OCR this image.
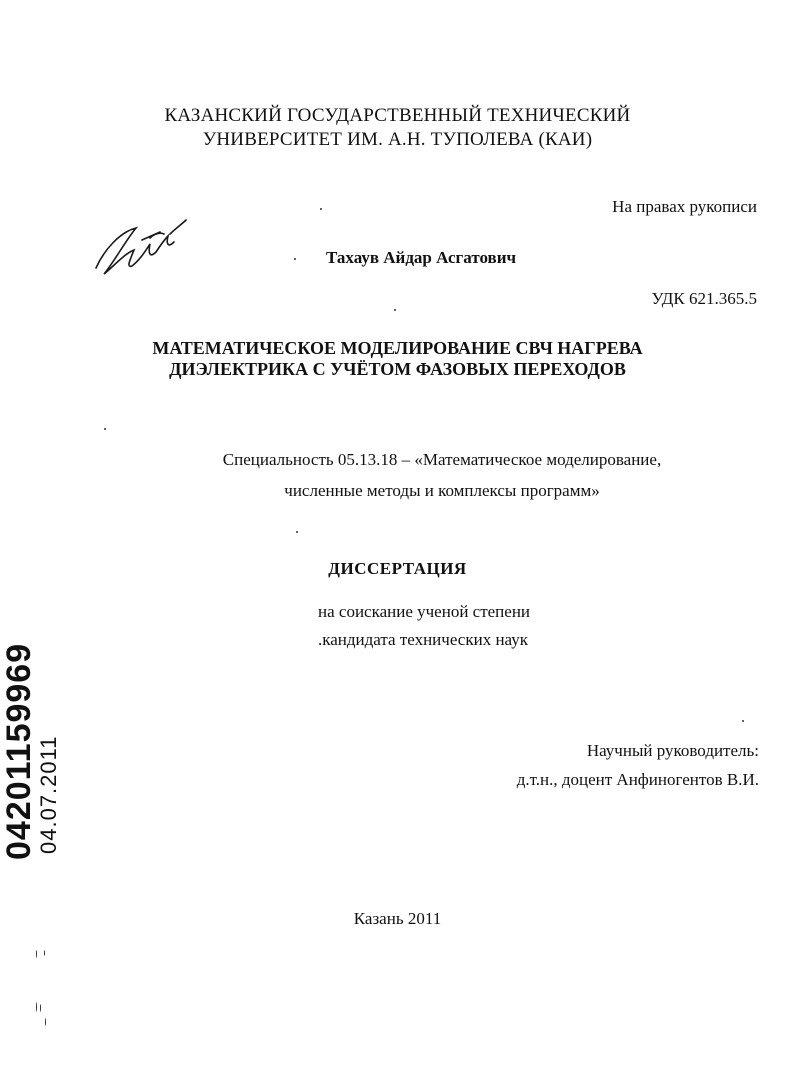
КАЗАНСКИЙ ГОСУДАРСТВЕННЫЙ ТЕХНИЧЕСКИЙ
УНИВЕРСИТЕТ ИМ. А.Н. ТУПОЛЕВА (КАИ)
На правах рукописи
Тахаув Айдар Асгатович
УДК 621.365.5
МАТЕМАТИЧЕСКОЕ МОДЕЛИРОВАНИЕ СВЧ НАГРЕВА
ДИЭЛЕКТРИКА С УЧЁТОМ ФАЗОВЫХ ПЕРЕХОДОВ
Специальность 05.13.18 – «Математическое моделирование,
численные методы и комплексы программ»
ДИССЕРТАЦИЯ
на соискание ученой степени
.кандидата технических наук
Научный руководитель:
д.т.н., доцент Анфиногентов В.И.
Казань 2011
04201159969
04.07.2011
